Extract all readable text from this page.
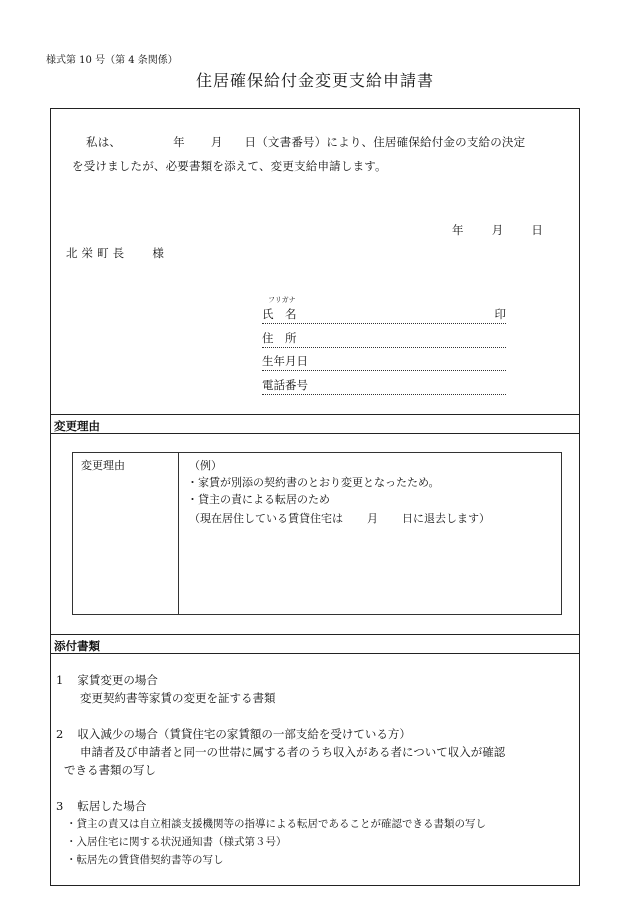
様式第 10 号（第 4 条関係）
住居確保給付金変更支給申請書
私は、	年 月 日（文書番号）により、住居確保給付金の支給の決定
を受けましたが、必要書類を添えて、変更支給申請します。
年 月 日
北 栄 町 長 様
フリガナ
氏　名	印
住　所
生年月日
電話番号
変更理由
変更理由	（例）
・家賃が別添の契約書のとおり変更となったため。
・貸主の責による転居のため
（現在居住している賃貸住宅は 月 日に退去します）
添付書類
1 家賃変更の場合
変更契約書等家賃の変更を証する書類
2 収入減少の場合（賃貸住宅の家賃額の一部支給を受けている方）
申請者及び申請者と同一の世帯に属する者のうち収入がある者について収入が確認
できる書類の写し
3 転居した場合
・貸主の責又は自立相談支援機関等の指導による転居であることが確認できる書類の写し
・入居住宅に関する状況通知書（様式第３号）
・転居先の賃貸借契約書等の写し
